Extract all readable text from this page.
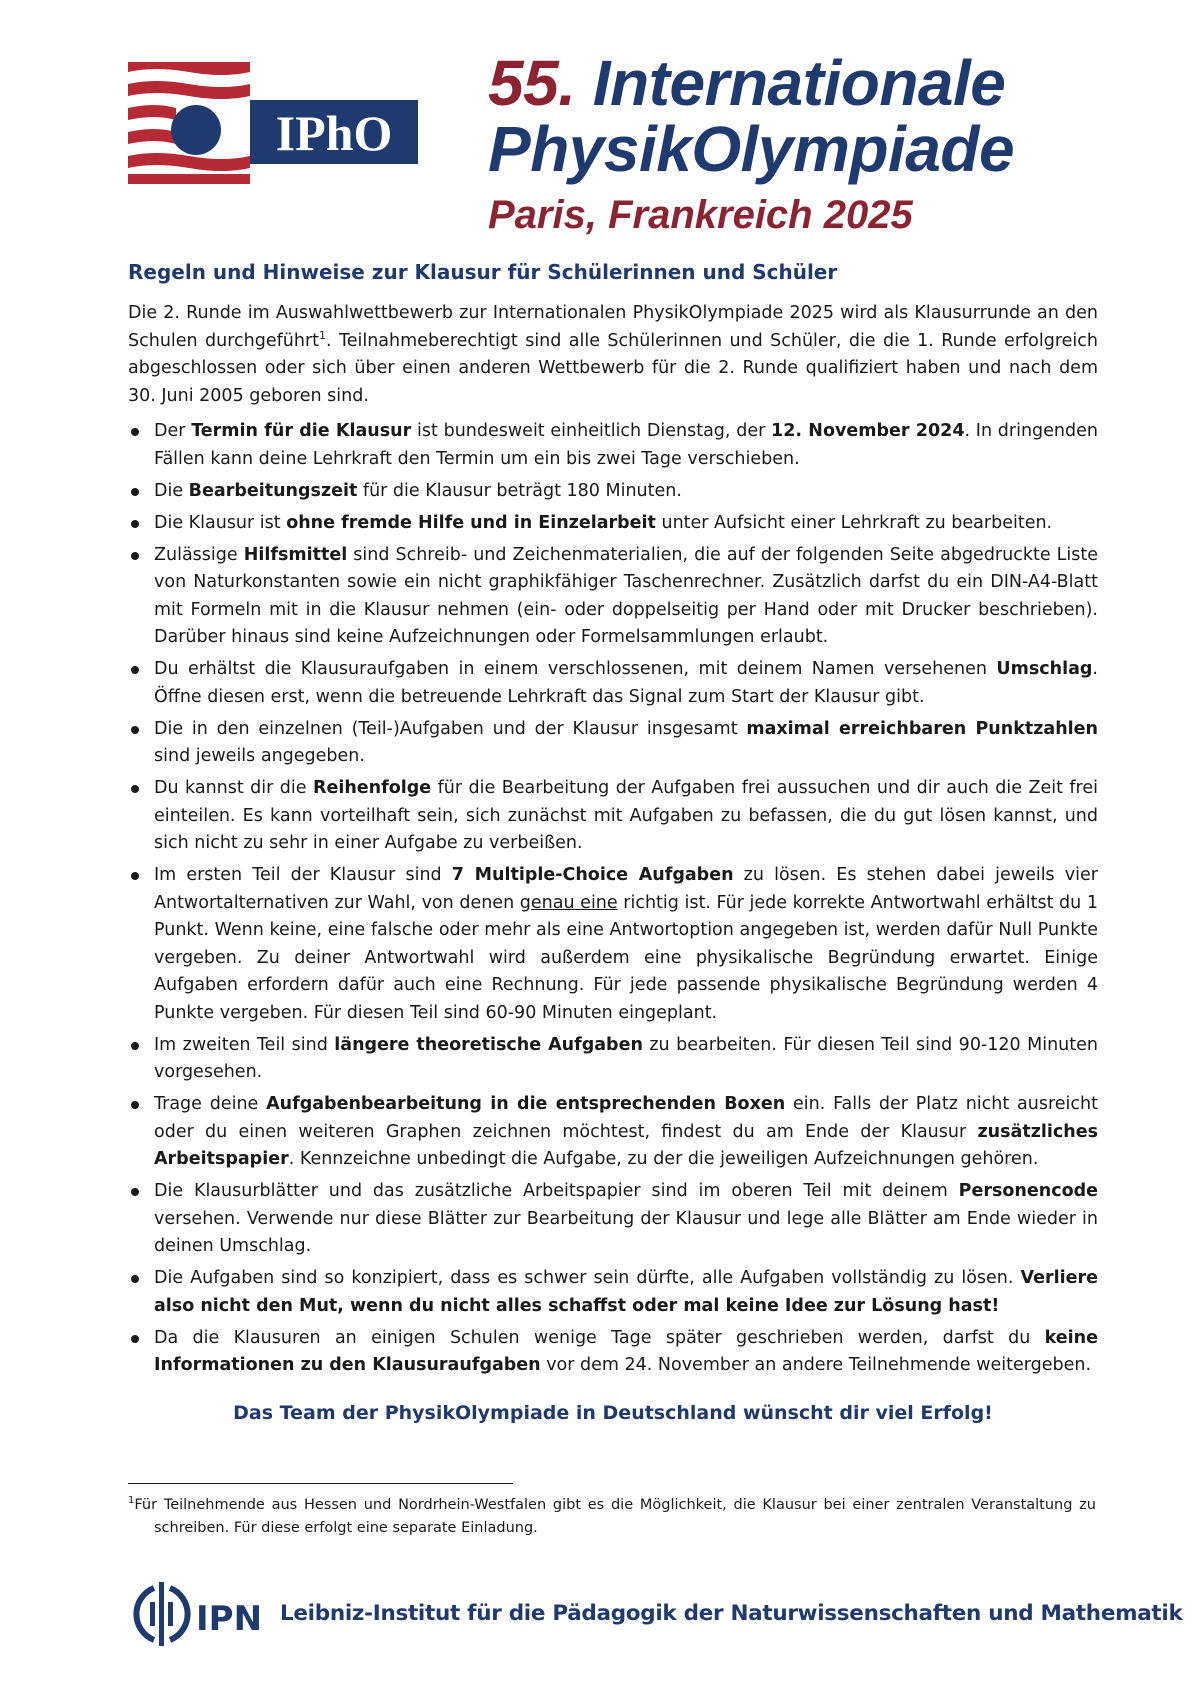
IPhO
55. Internationale
PhysikOlympiade
Paris, Frankreich 2025
Regeln und Hinweise zur Klausur für Schülerinnen und Schüler

Die 2. Runde im Auswahlwettbewerb zur Internationalen PhysikOlympiade 2025 wird als Klausurrunde an den Schulen durchgeführt$^1$. Teilnahmeberechtigt sind alle Schülerinnen und Schüler, die die 1. Runde erfolgreich abgeschlossen oder sich über einen anderen Wettbewerb für die 2. Runde qualifiziert haben und nach dem 30. Juni 2005 geboren sind.

Der Termin für die Klausur ist bundesweit einheitlich Dienstag, der 12. November 2024. In dringenden Fällen kann deine Lehrkraft den Termin um ein bis zwei Tage verschieben.
Die Bearbeitungszeit für die Klausur beträgt 180 Minuten.
Die Klausur ist ohne fremde Hilfe und in Einzelarbeit unter Aufsicht einer Lehrkraft zu bearbeiten.
Zulässige Hilfsmittel sind Schreib- und Zeichenmaterialien, die auf der folgenden Seite abgedruckte Liste von Naturkonstanten sowie ein nicht graphikfähiger Taschenrechner. Zusätzlich darfst du ein DIN-A4-Blatt mit Formeln mit in die Klausur nehmen (ein- oder doppelseitig per Hand oder mit Drucker beschrieben). Darüber hinaus sind keine Aufzeichnungen oder Formelsammlungen erlaubt.
Du erhältst die Klausuraufgaben in einem verschlossenen, mit deinem Namen versehenen Umschlag. Öffne diesen erst, wenn die betreuende Lehrkraft das Signal zum Start der Klausur gibt.
Die in den einzelnen (Teil-)Aufgaben und der Klausur insgesamt maximal erreichbaren Punktzahlen sind jeweils angegeben.
Du kannst dir die Reihenfolge für die Bearbeitung der Aufgaben frei aussuchen und dir auch die Zeit frei einteilen. Es kann vorteilhaft sein, sich zunächst mit Aufgaben zu befassen, die du gut lösen kannst, und sich nicht zu sehr in einer Aufgabe zu verbeißen.
Im ersten Teil der Klausur sind 7 Multiple-Choice Aufgaben zu lösen. Es stehen dabei jeweils vier Antwortalternativen zur Wahl, von denen genau eine richtig ist. Für jede korrekte Antwortwahl erhältst du 1 Punkt. Wenn keine, eine falsche oder mehr als eine Antwortoption angegeben ist, werden dafür Null Punkte vergeben. Zu deiner Antwortwahl wird außerdem eine physikalische Begründung erwartet. Einige Aufgaben erfordern dafür auch eine Rechnung. Für jede passende physikalische Begründung werden 4 Punkte vergeben. Für diesen Teil sind 60-90 Minuten eingeplant.
Im zweiten Teil sind längere theoretische Aufgaben zu bearbeiten. Für diesen Teil sind 90-120 Minuten vorgesehen.
Trage deine Aufgabenbearbeitung in die entsprechenden Boxen ein. Falls der Platz nicht ausreicht oder du einen weiteren Graphen zeichnen möchtest, findest du am Ende der Klausur zusätzliches Arbeitspapier. Kennzeichne unbedingt die Aufgabe, zu der die jeweiligen Aufzeichnungen gehören.
Die Klausurblätter und das zusätzliche Arbeitspapier sind im oberen Teil mit deinem Personencode versehen. Verwende nur diese Blätter zur Bearbeitung der Klausur und lege alle Blätter am Ende wieder in deinen Umschlag.
Die Aufgaben sind so konzipiert, dass es schwer sein dürfte, alle Aufgaben vollständig zu lösen. Verliere also nicht den Mut, wenn du nicht alles schaffst oder mal keine Idee zur Lösung hast!
Da die Klausuren an einigen Schulen wenige Tage später geschrieben werden, darfst du keine Informationen zu den Klausuraufgaben vor dem 24. November an andere Teilnehmende weitergeben.
Das Team der PhysikOlympiade in Deutschland wünscht dir viel Erfolg!
$^1$Für Teilnehmende aus Hessen und Nordrhein-Westfalen gibt es die Möglichkeit, die Klausur bei einer zentralen Veranstaltung zu schreiben. Für diese erfolgt eine separate Einladung.
IPN Leibniz-Institut für die Pädagogik der Naturwissenschaften und Mathematik
